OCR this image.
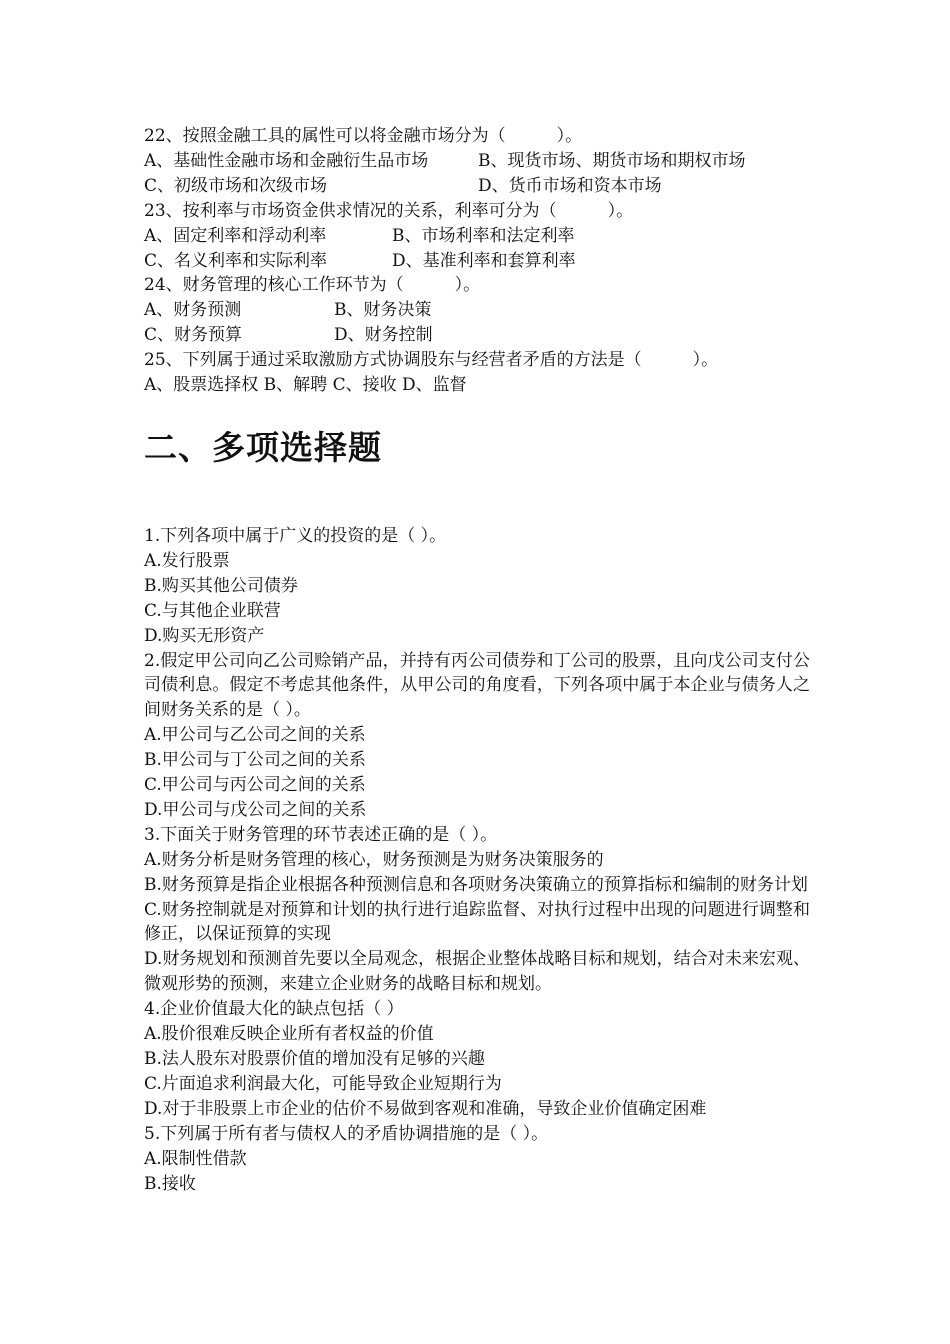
22、按照金融工具的属性可以将金融市场分为（　　　）。

A、基础性金融市场和金融衍生品市场	B、现货市场、期货市场和期权市场
C、初级市场和次级市场	D、货币市场和资本市场

23、按利率与市场资金供求情况的关系，利率可分为（　　　）。

A、固定利率和浮动利率	B、市场利率和法定利率
C、名义利率和实际利率	D、基准利率和套算利率

24、财务管理的核心工作环节为（　　　）。

A、财务预测	B、财务决策
C、财务预算	D、财务控制

25、下列属于通过采取激励方式协调股东与经营者矛盾的方法是（　　　）。

A、股票选择权 B、解聘 C、接收 D、监督

二、多项选择题

1.下列各项中属于广义的投资的是（ ）。

A.发行股票

B.购买其他公司债券

C.与其他企业联营

D.购买无形资产

2.假定甲公司向乙公司赊销产品，并持有丙公司债券和丁公司的股票，且向戊公司支付公司债利息。假定不考虑其他条件，从甲公司的角度看，下列各项中属于本企业与债务人之间财务关系的是（ ）。

A.甲公司与乙公司之间的关系

B.甲公司与丁公司之间的关系

C.甲公司与丙公司之间的关系

D.甲公司与戊公司之间的关系

3.下面关于财务管理的环节表述正确的是（ ）。

A.财务分析是财务管理的核心，财务预测是为财务决策服务的

B.财务预算是指企业根据各种预测信息和各项财务决策确立的预算指标和编制的财务计划

C.财务控制就是对预算和计划的执行进行追踪监督、对执行过程中出现的问题进行调整和修正，以保证预算的实现

D.财务规划和预测首先要以全局观念，根据企业整体战略目标和规划，结合对未来宏观、微观形势的预测，来建立企业财务的战略目标和规划。

4.企业价值最大化的缺点包括（ ）

A.股价很难反映企业所有者权益的价值

B.法人股东对股票价值的增加没有足够的兴趣

C.片面追求利润最大化，可能导致企业短期行为

D.对于非股票上市企业的估价不易做到客观和准确，导致企业价值确定困难

5.下列属于所有者与债权人的矛盾协调措施的是（ ）。

A.限制性借款

B.接收
